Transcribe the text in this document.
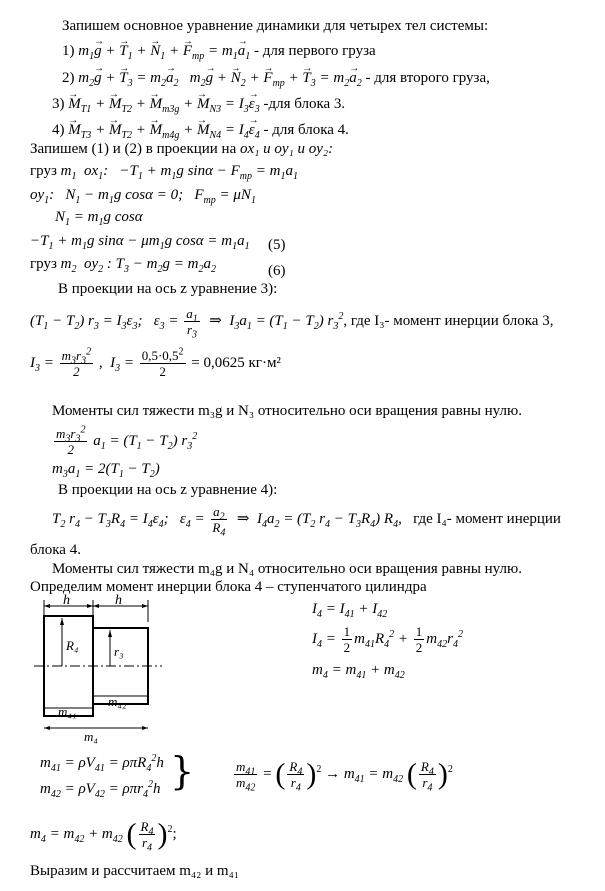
Запишем основное уравнение динамики для четырех тел системы:
1) $m_1\to g$ + → $T_1$ + → $N_1$ + → $F_{тр} = m_1\to a_1$ - для первого груза
2) $m_2\to g$ + → $T_3 = m_2\to a_2$   $m_2\to g$ + → $N_2$ + → $F_{тр}$ + → $T_3 = m_2\to a_2$ - для второго груза,
$3) \to M_{T1}$ + → $M_{T2}$ + → $M_{m3g}$ + → $M_{N3} = I_3\to \varepsilon_3$ -для блока 3.
$4) \to M_{T3}$ + → $M_{T2}$ + → $M_{m4g}$ + → $M_{N4} = I_4\to \varepsilon_4$ - для блока 4.
Запишем (1) и (2) в проекции на ox₁ и oy₁ и oy₂:
груз $m_1$  $ox_1$:   $-T_1 + m_1g$ $\sin\alpha - F_{тр} = m_1a_1$
$oy_1$:   $N_1 - m_1g$ cosα = 0;   $F_{тр} = \mu N_1$
$N_1 = m_1g$ cosα
$-T_1 + m_1g$ $\sin\alpha - \mu m_1g$ $\cos\alpha = m_1a_1$ (5)
груз $m_2$  $oy_2$ : $T_3 - m_2g = m_2a_2$	(6)
В проекции на ось z уравнение 3):
$(T_1 - T_2) r_3 = I_3\varepsilon_3$;   $\varepsilon_3 = \frac{a_1}{r_3}$ ⇒  $I_3a_1 = (T_1 - T_2)$ $r_3^2$, где I₃- момент инерции блока 3,
$I_3 = \frac{m_3r_3^2}{2}$ ,  $I_3 = \frac{0,5\cdot 0,5^2}{2} = 0,0625$ кг·м²
Моменты сил тяжести m₃g и N₃ относительно оси вращения равны нулю.
$\frac{m_3r_3^2}{2} a_1 = (T_1 - T_2)$ $r_3^2$
$m_3a_1 = 2(T_1 - T_2)$
В проекции на ось z уравнение 4):
$T_2$ $r_4 - T_3R_4 = I_4\varepsilon_4$;   $\varepsilon_4 = \frac{a_2}{R_4}$ ⇒  $I_4a_2 = (T_2$ $r_4 - T_3R_4$) $R_4$,   где I₄- момент инерции
блока 4.
Моменты сил тяжести m₄g и N₄ относительно оси вращения равны нулю.
Определим момент инерции блока 4 – ступенчатого цилиндра
h	h
R₄	r₃
m₄₁
m₄₂
m₄
$I_4 = I_{41} + I_{42}$
$I_4 = \frac{1}{2} m_{41}R_4^2 + \frac{1}{2} m_{42}r_4^2$
$m_4 = m_{41} + m_{42}$
$m_{41} = \rho V_{41} = \rho\pi R_4^2h$
$m_{42} = \rho V_{42} = \rho\pi r_4^2h$ }	$\frac{m_{41}}{m_{42}}$ = ( $\frac{R_4}{r_4} )^2 \to m_{41} = m_{42}$ ( $\frac{R_4}{r_4} )^2$
$m_4 = m_{42} + m_{42}$ ( $\frac{R_4}{r_4} )^2$;
Выразим и рассчитаем m₄₂ и m₄₁
